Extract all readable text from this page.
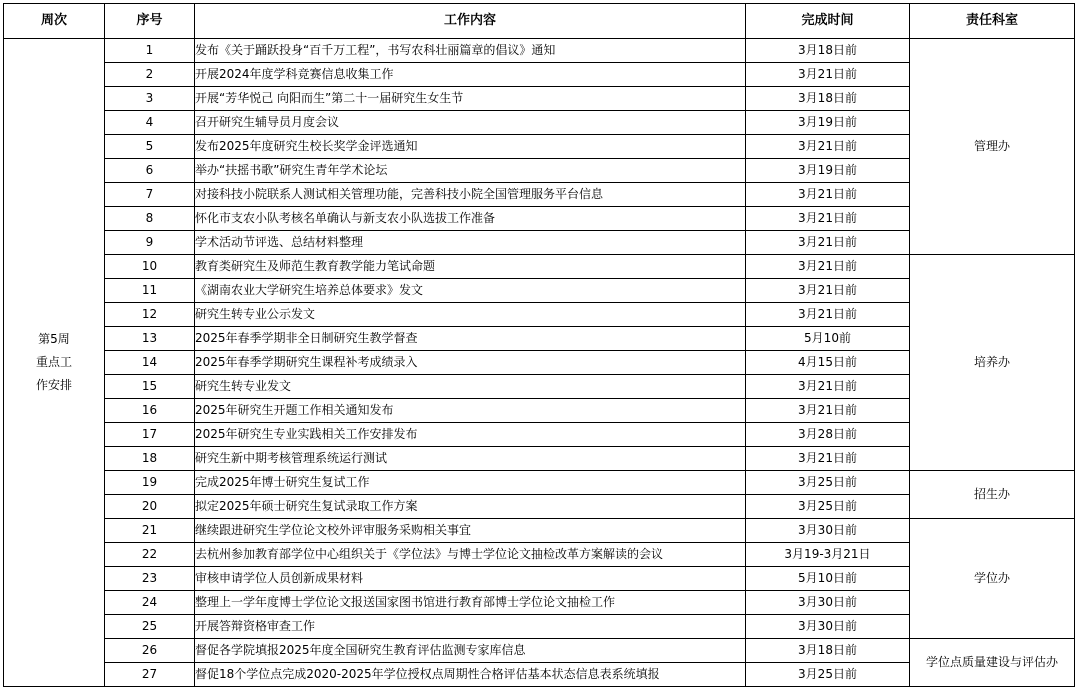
周次	序号	工作内容	完成时间	责任科室

第5周
重点工
作安排	1	发布《关于踊跃投身“百千万工程”，书写农科壮丽篇章的倡议》通知	3月18日前	管理办
	2	开展2024年度学科竞赛信息收集工作	3月21日前	
	3	开展“芳华悦己 向阳而生”第二十一届研究生女生节	3月18日前	
	4	召开研究生辅导员月度会议	3月19日前	
	5	发布2025年度研究生校长奖学金评选通知	3月21日前	
	6	举办“扶摇书歌”研究生青年学术论坛	3月19日前	
	7	对接科技小院联系人测试相关管理功能，完善科技小院全国管理服务平台信息	3月21日前	
	8	怀化市支农小队考核名单确认与新支农小队选拔工作准备	3月21日前	
	9	学术活动节评选、总结材料整理	3月21日前	
	10	教育类研究生及师范生教育教学能力笔试命题	3月21日前	培养办
	11	《湖南农业大学研究生培养总体要求》发文	3月21日前	
	12	研究生转专业公示发文	3月21日前	
	13	2025年春季学期非全日制研究生教学督查	5月10前	
	14	2025年春季学期研究生课程补考成绩录入	4月15日前	
	15	研究生转专业发文	3月21日前	
	16	2025年研究生开题工作相关通知发布	3月21日前	
	17	2025年研究生专业实践相关工作安排发布	3月28日前	
	18	研究生新中期考核管理系统运行测试	3月21日前	
	19	完成2025年博士研究生复试工作	3月25日前	招生办
	20	拟定2025年硕士研究生复试录取工作方案	3月25日前	
	21	继续跟进研究生学位论文校外评审服务采购相关事宜	3月30日前	学位办
	22	去杭州参加教育部学位中心组织关于《学位法》与博士学位论文抽检改革方案解读的会议	3月19-3月21日	
	23	审核申请学位人员创新成果材料	5月10日前	
	24	整理上一学年度博士学位论文报送国家图书馆进行教育部博士学位论文抽检工作	3月30日前	
	25	开展答辩资格审查工作	3月30日前	
	26	督促各学院填报2025年度全国研究生教育评估监测专家库信息	3月18日前	学位点质量建设与评估办
	27	督促18个学位点完成2020-2025年学位授权点周期性合格评估基本状态信息表系统填报	3月25日前	
